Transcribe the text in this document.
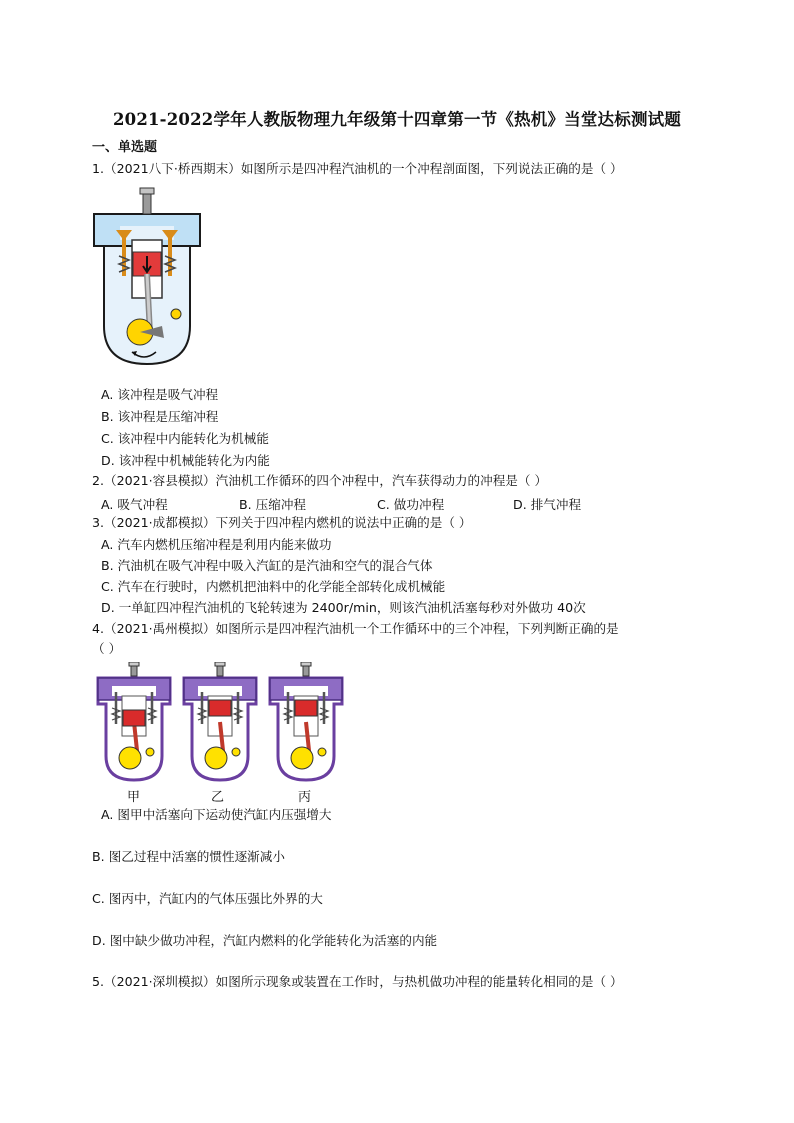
2021-2022学年人教版物理九年级第十四章第一节《热机》当堂达标测试题
一、单选题
1.（2021八下·桥西期末）如图所示是四冲程汽油机的一个冲程剖面图，下列说法正确的是（ ）
A. 该冲程是吸气冲程
B. 该冲程是压缩冲程
C. 该冲程中内能转化为机械能
D. 该冲程中机械能转化为内能
2.（2021·容县模拟）汽油机工作循环的四个冲程中，汽车获得动力的冲程是（ ）
A. 吸气冲程	B. 压缩冲程	C. 做功冲程	D. 排气冲程
3.（2021·成都模拟）下列关于四冲程内燃机的说法中正确的是（ ）
A. 汽车内燃机压缩冲程是利用内能来做功
B. 汽油机在吸气冲程中吸入汽缸的是汽油和空气的混合气体
C. 汽车在行驶时，内燃机把油料中的化学能全部转化成机械能
D. 一单缸四冲程汽油机的飞轮转速为 2400r/min，则该汽油机活塞每秒对外做功 40次
4.（2021·禹州模拟）如图所示是四冲程汽油机一个工作循环中的三个冲程，下列判断正确的是
（ ）
甲	乙	丙
A. 图甲中活塞向下运动使汽缸内压强增大
B. 图乙过程中活塞的惯性逐渐减小
C. 图丙中，汽缸内的气体压强比外界的大
D. 图中缺少做功冲程，汽缸内燃料的化学能转化为活塞的内能
5.（2021·深圳模拟）如图所示现象或装置在工作时，与热机做功冲程的能量转化相同的是（ ）
